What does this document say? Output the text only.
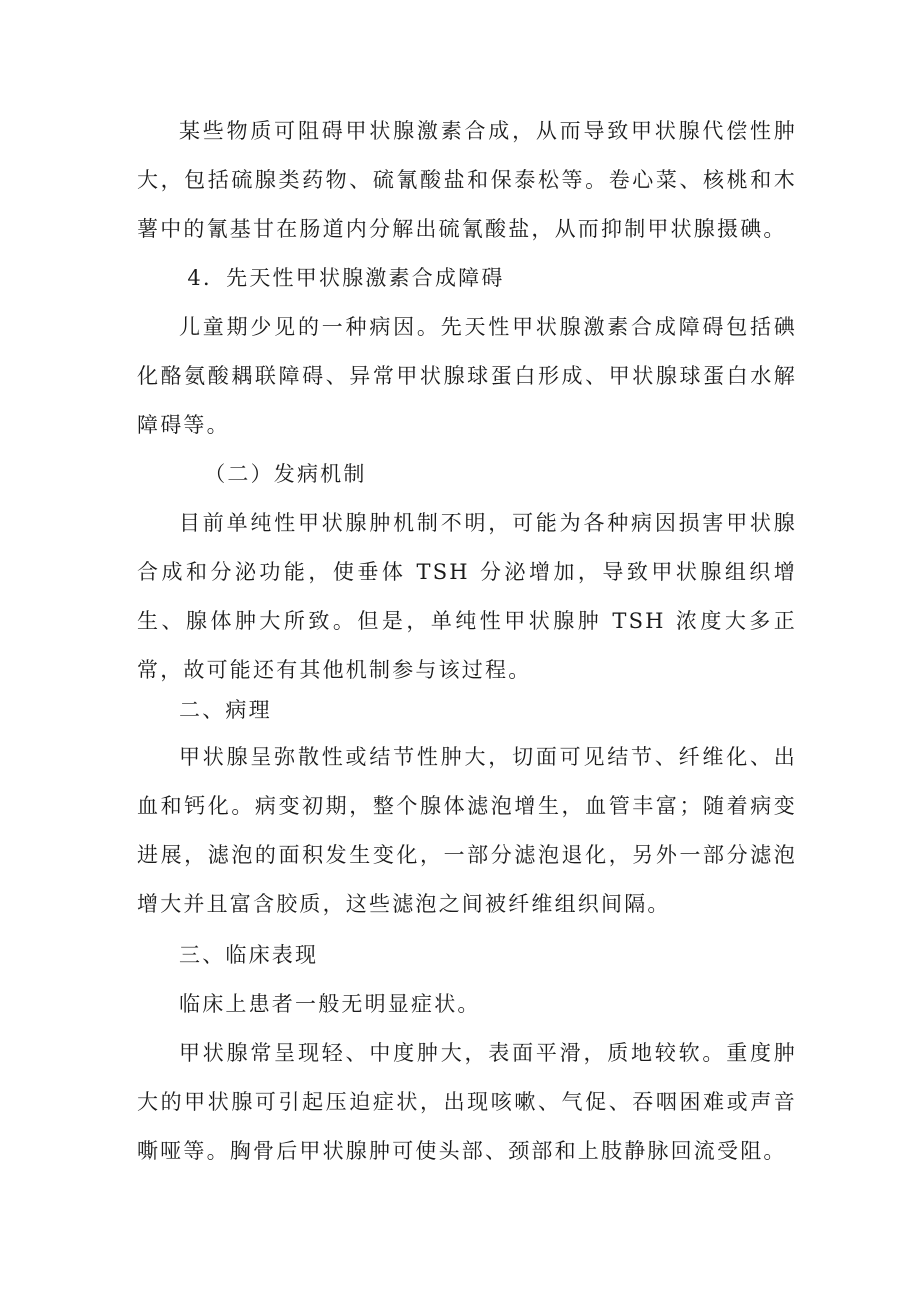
某些物质可阻碍甲状腺激素合成，从而导致甲状腺代偿性肿大，包括硫腺类药物、硫氰酸盐和保泰松等。卷心菜、核桃和木薯中的氰基甘在肠道内分解出硫氰酸盐，从而抑制甲状腺摄碘。

4．先天性甲状腺激素合成障碍

儿童期少见的一种病因。先天性甲状腺激素合成障碍包括碘化酪氨酸耦联障碍、异常甲状腺球蛋白形成、甲状腺球蛋白水解障碍等。

（二）发病机制

目前单纯性甲状腺肿机制不明，可能为各种病因损害甲状腺合成和分泌功能，使垂体 TSH 分泌增加，导致甲状腺组织增生、腺体肿大所致。但是，单纯性甲状腺肿 TSH 浓度大多正常，故可能还有其他机制参与该过程。

二、病理

甲状腺呈弥散性或结节性肿大，切面可见结节、纤维化、出血和钙化。病变初期，整个腺体滤泡增生，血管丰富；随着病变进展，滤泡的面积发生变化，一部分滤泡退化，另外一部分滤泡增大并且富含胶质，这些滤泡之间被纤维组织间隔。

三、临床表现

临床上患者一般无明显症状。

甲状腺常呈现轻、中度肿大，表面平滑，质地较软。重度肿大的甲状腺可引起压迫症状，出现咳嗽、气促、吞咽困难或声音嘶哑等。胸骨后甲状腺肿可使头部、颈部和上肢静脉回流受阻。
